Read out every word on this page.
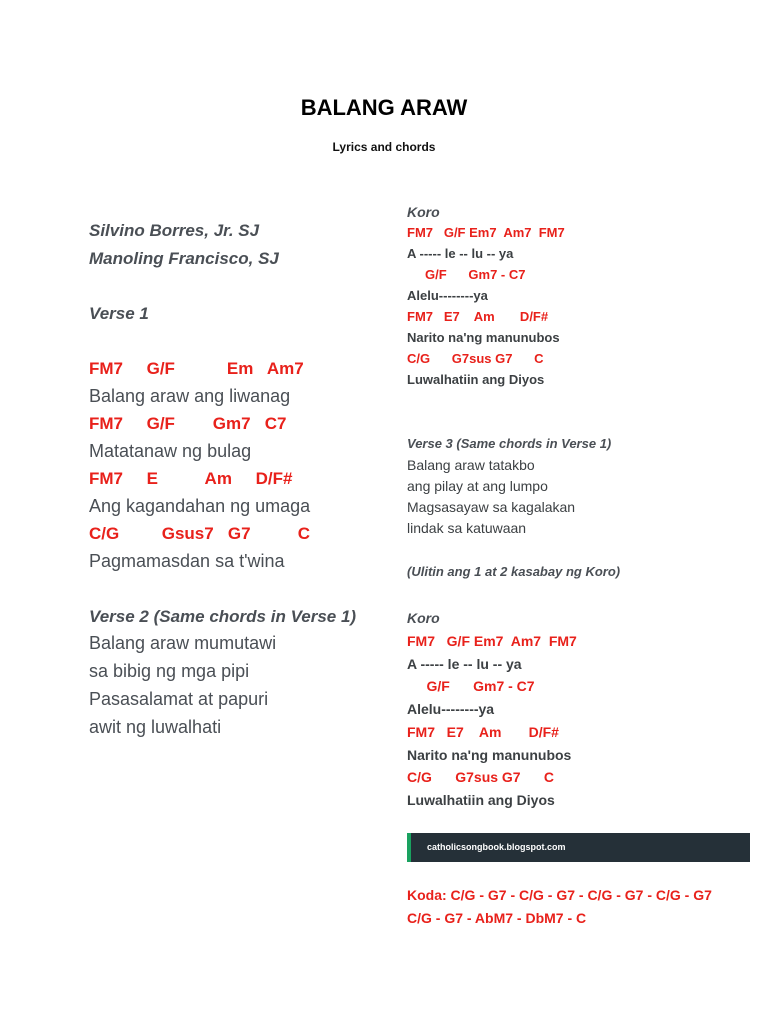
BALANG ARAW
Lyrics and chords
Silvino Borres, Jr. SJ
Manoling Francisco, SJ
Verse 1
FM7     G/F           Em   Am7
Balang araw ang liwanag
FM7     G/F        Gm7   C7
Matatanaw ng bulag
FM7     E          Am     D/F#
Ang kagandahan ng umaga
C/G         Gsus7   G7          C
Pagmamasdan sa t'wina
Verse 2 (Same chords in Verse 1)
Balang araw mumutawi
sa bibig ng mga pipi
Pasasalamat at papuri
awit ng luwalhati
Koro
FM7   G/F Em7  Am7  FM7
A ----- le -- lu -- ya
G/F      Gm7 - C7
Alelu--------ya
FM7   E7    Am       D/F#
Narito na'ng manunubos
C/G      G7sus G7      C
Luwalhatiin ang Diyos
Verse 3 (Same chords in Verse 1)
Balang araw tatakbo
ang pilay at ang lumpo
Magsasayaw sa kagalakan
lindak sa katuwaan
(Ulitin ang 1 at 2 kasabay ng Koro)
Koro
FM7   G/F Em7  Am7  FM7
A ----- le -- lu -- ya
G/F      Gm7 - C7
Alelu--------ya
FM7   E7    Am       D/F#
Narito na'ng manunubos
C/G      G7sus G7      C
Luwalhatiin ang Diyos
Koda: C/G - G7 - C/G - G7 - C/G - G7 - C/G - G7
C/G - G7 - AbM7 - DbM7 - C
catholicsongbook.blogspot.com
